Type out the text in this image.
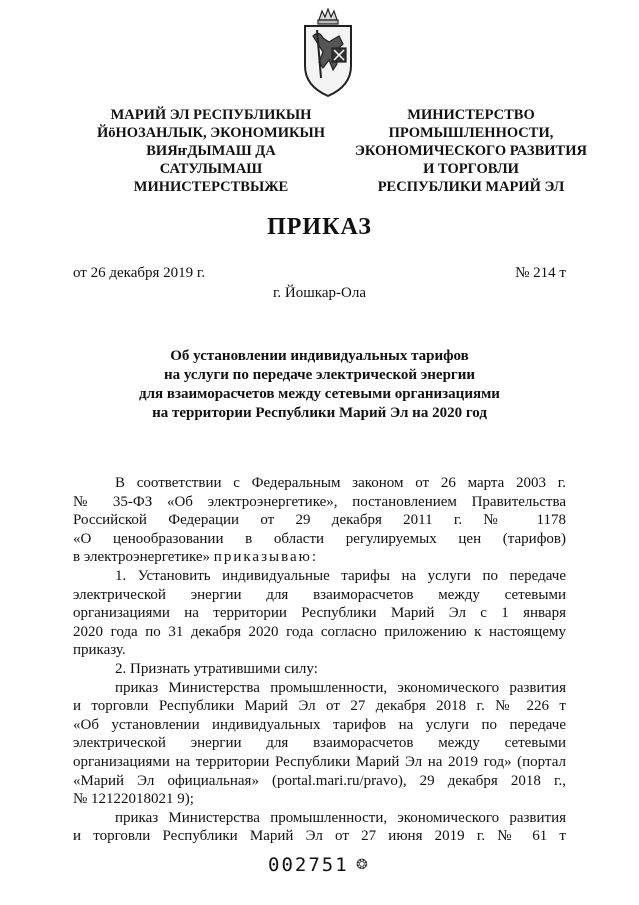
МАРИЙ ЭЛ РЕСПУБЛИКЫН
ЙӧНОЗАНЛЫК, ЭКОНОМИКЫН
ВИЯҥДЫМАШ ДА
САТУЛЫМАШ
МИНИСТЕРСТВЫЖЕ
МИНИСТЕРСТВО
ПРОМЫШЛЕННОСТИ,
ЭКОНОМИЧЕСКОГО РАЗВИТИЯ
И ТОРГОВЛИ
РЕСПУБЛИКИ МАРИЙ ЭЛ
ПРИКАЗ
от 26 декабря 2019 г.	№ 214 т
г. Йошкар-Ола
Об установлении индивидуальных тарифов
на услуги по передаче электрической энергии
для взаиморасчетов между сетевыми организациями
на территории Республики Марий Эл на 2020 год

В соответствии с Федеральным законом от 26 марта 2003 г.

№ 35-ФЗ «Об электроэнергетике», постановлением Правительства

Российской Федерации от 29 декабря 2011 г. № 1178

«О ценообразовании в области регулируемых цен (тарифов)

в электроэнергетике» приказываю:

1. Установить индивидуальные тарифы на услуги по передаче

электрической энергии для взаиморасчетов между сетевыми

организациями на территории Республики Марий Эл с 1 января

2020 года по 31 декабря 2020 года согласно приложению к настоящему

приказу.

2. Признать утратившими силу:

приказ Министерства промышленности, экономического развития

и торговли Республики Марий Эл от 27 декабря 2018 г. № 226 т

«Об установлении индивидуальных тарифов на услуги по передаче

электрической энергии для взаиморасчетов между сетевыми

организациями на территории Республики Марий Эл на 2019 год» (портал

«Марий Эл официальная» (portal.mari.ru/pravo), 29 декабря 2018 г.,

№ 12122018021 9);

приказ Министерства промышленности, экономического развития

и торговли Республики Марий Эл от 27 июня 2019 г. № 61 т

002751 ❂
